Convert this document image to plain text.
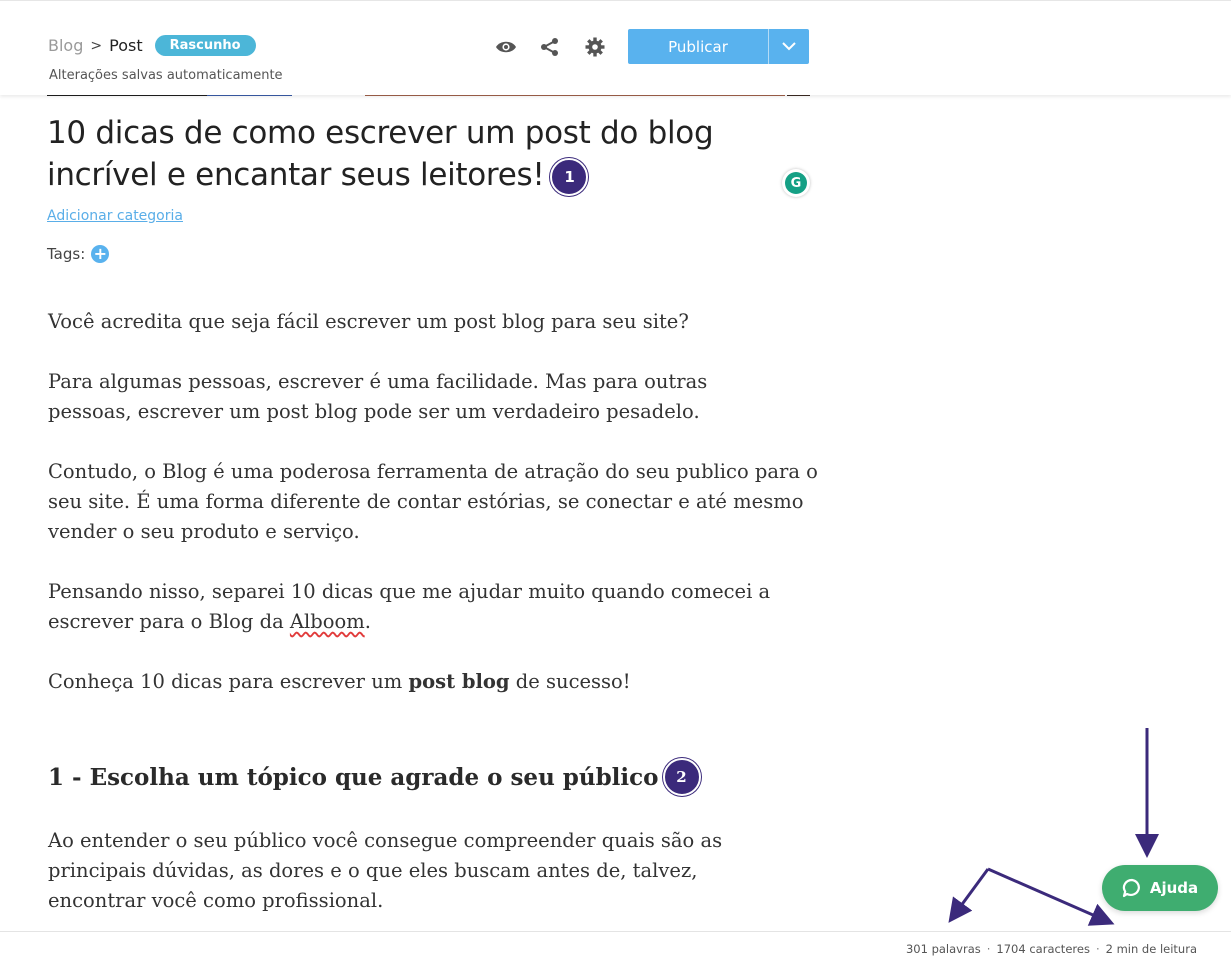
Blog > Post	Rascunho
Alterações salvas automaticamente
Publicar
10 dicas de como escrever um post do blog incrível e encantar seus leitores! 1	G
Adicionar categoria
Tags: +

Você acredita que seja fácil escrever um post blog para seu site?

Para algumas pessoas, escrever é uma facilidade. Mas para outras pessoas, escrever um post blog pode ser um verdadeiro pesadelo.

Contudo, o Blog é uma poderosa ferramenta de atração do seu publico para o seu site. É uma forma diferente de contar estórias, se conectar e até mesmo vender o seu produto e serviço.

Pensando nisso, separei 10 dicas que me ajudar muito quando comecei a escrever para o Blog da Alboom.

Conheça 10 dicas para escrever um post blog de sucesso!

1 - Escolha um tópico que agrade o seu público	2

Ao entender o seu público você consegue compreender quais são as principais dúvidas, as dores e o que eles buscam antes de, talvez, encontrar você como profissional.

Ajuda
301 palavras · 1704 caracteres · 2 min de leitura
